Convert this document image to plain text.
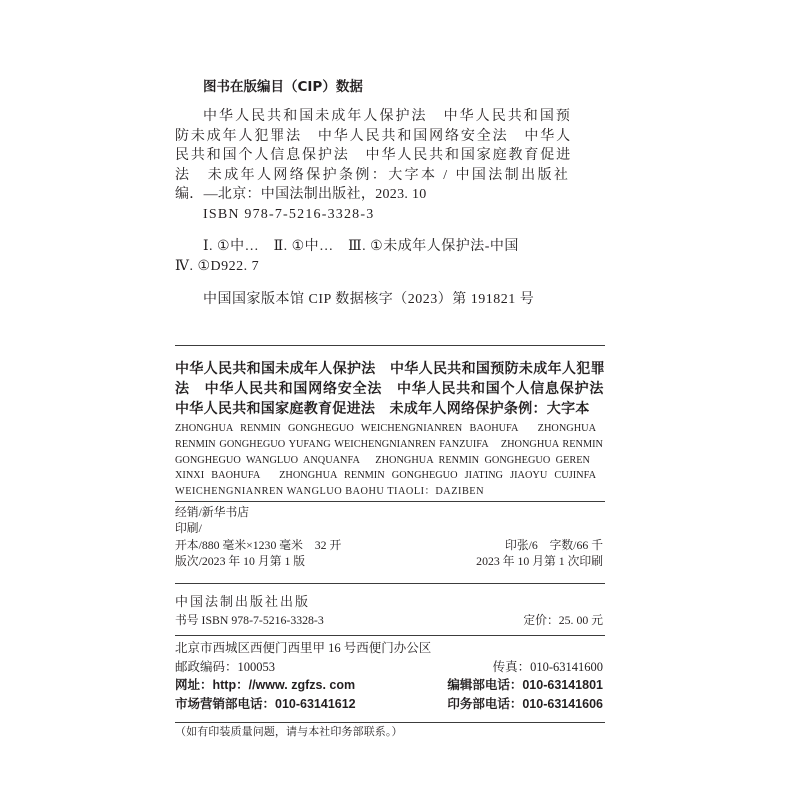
图书在版编目（CIP）数据
中华人民共和国未成年人保护法　中华人民共和国预
防未成年人犯罪法　中华人民共和国网络安全法　中华人
民共和国个人信息保护法　中华人民共和国家庭教育促进
法　未成年人网络保护条例：大字本 / 中国法制出版社
编．—北京：中国法制出版社，2023. 10
ISBN 978-7-5216-3328-3
Ⅰ. ①中…　Ⅱ. ①中…　Ⅲ. ①未成年人保护法-中国
Ⅳ. ①D922. 7
中国国家版本馆 CIP 数据核字（2023）第 191821 号
中华人民共和国未成年人保护法　中华人民共和国预防未成年人犯罪
法　中华人民共和国网络安全法　中华人民共和国个人信息保护法
中华人民共和国家庭教育促进法　未成年人网络保护条例：大字本
ZHONGHUA RENMIN GONGHEGUO WEICHENGNIANREN BAOHUFA　ZHONGHUA
RENMIN GONGHEGUO YUFANG WEICHENGNIANREN FANZUIFA　ZHONGHUA RENMIN
GONGHEGUO WANGLUO ANQUANFA　ZHONGHUA RENMIN GONGHEGUO GEREN
XINXI BAOHUFA　ZHONGHUA RENMIN GONGHEGUO JIATING JIAOYU CUJINFA
WEICHENGNIANREN WANGLUO BAOHU TIAOLI：DAZIBEN
经销/新华书店
印刷/
开本/880 毫米×1230 毫米　32 开	印张/6　字数/66 千
版次/2023 年 10 月第 1 版	2023 年 10 月第 1 次印刷
中国法制出版社出版
书号 ISBN 978-7-5216-3328-3	定价：25. 00 元
北京市西城区西便门西里甲 16 号西便门办公区
邮政编码：100053	传真：010-63141600
网址：http：//www. zgfzs. com	编辑部电话：010-63141801
市场营销部电话：010-63141612	印务部电话：010-63141606
（如有印装质量问题，请与本社印务部联系。）
